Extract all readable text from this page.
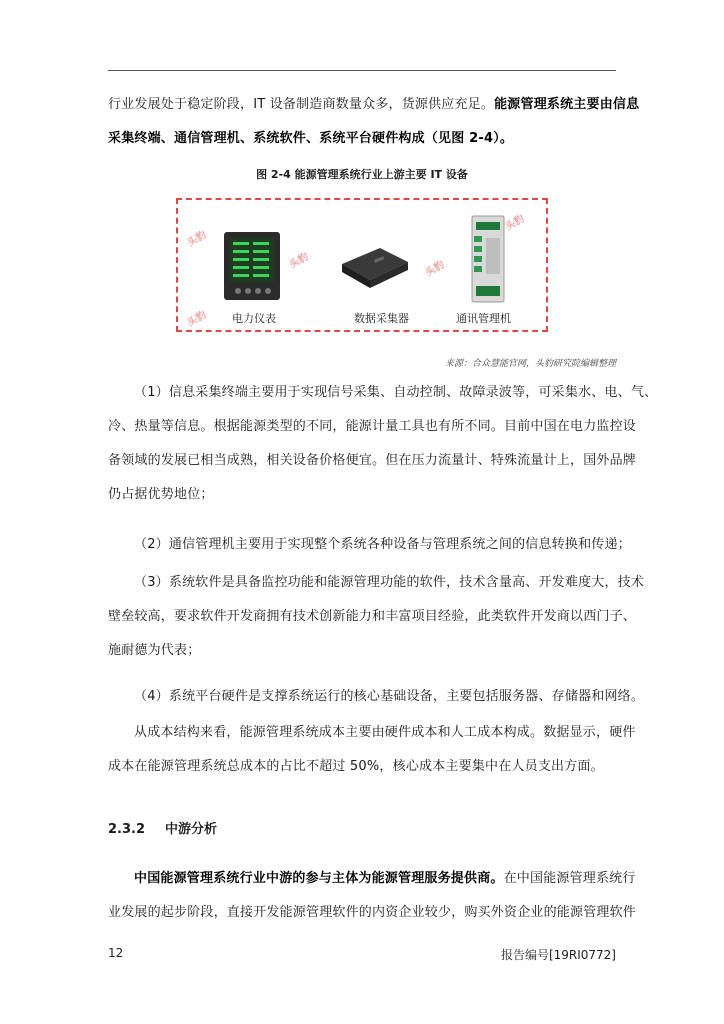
行业发展处于稳定阶段，IT 设备制造商数量众多，货源供应充足。能源管理系统主要由信息

采集终端、通信管理机、系统软件、系统平台硬件构成（见图 2-4）。

图 2-4 能源管理系统行业上游主要 IT 设备
头豹
头豹	头豹
头豹
头豹 电力仪表	数据采集器	通讯管理机
来源：合众慧能官网，头豹研究院编辑整理

（1）信息采集终端主要用于实现信号采集、自动控制、故障录波等，可采集水、电、气、

冷、热量等信息。根据能源类型的不同，能源计量工具也有所不同。目前中国在电力监控设

备领域的发展已相当成熟，相关设备价格便宜。但在压力流量计、特殊流量计上，国外品牌

仍占据优势地位；

（2）通信管理机主要用于实现整个系统各种设备与管理系统之间的信息转换和传递；

（3）系统软件是具备监控功能和能源管理功能的软件，技术含量高、开发难度大，技术

壁垒较高，要求软件开发商拥有技术创新能力和丰富项目经验，此类软件开发商以西门子、

施耐德为代表；

（4）系统平台硬件是支撑系统运行的核心基础设备，主要包括服务器、存储器和网络。

从成本结构来看，能源管理系统成本主要由硬件成本和人工成本构成。数据显示，硬件

成本在能源管理系统总成本的占比不超过 50%，核心成本主要集中在人员支出方面。

2.3.2 中游分析

中国能源管理系统行业中游的参与主体为能源管理服务提供商。在中国能源管理系统行

业发展的起步阶段，直接开发能源管理软件的内资企业较少，购买外资企业的能源管理软件

12	报告编号[19RI0772]
